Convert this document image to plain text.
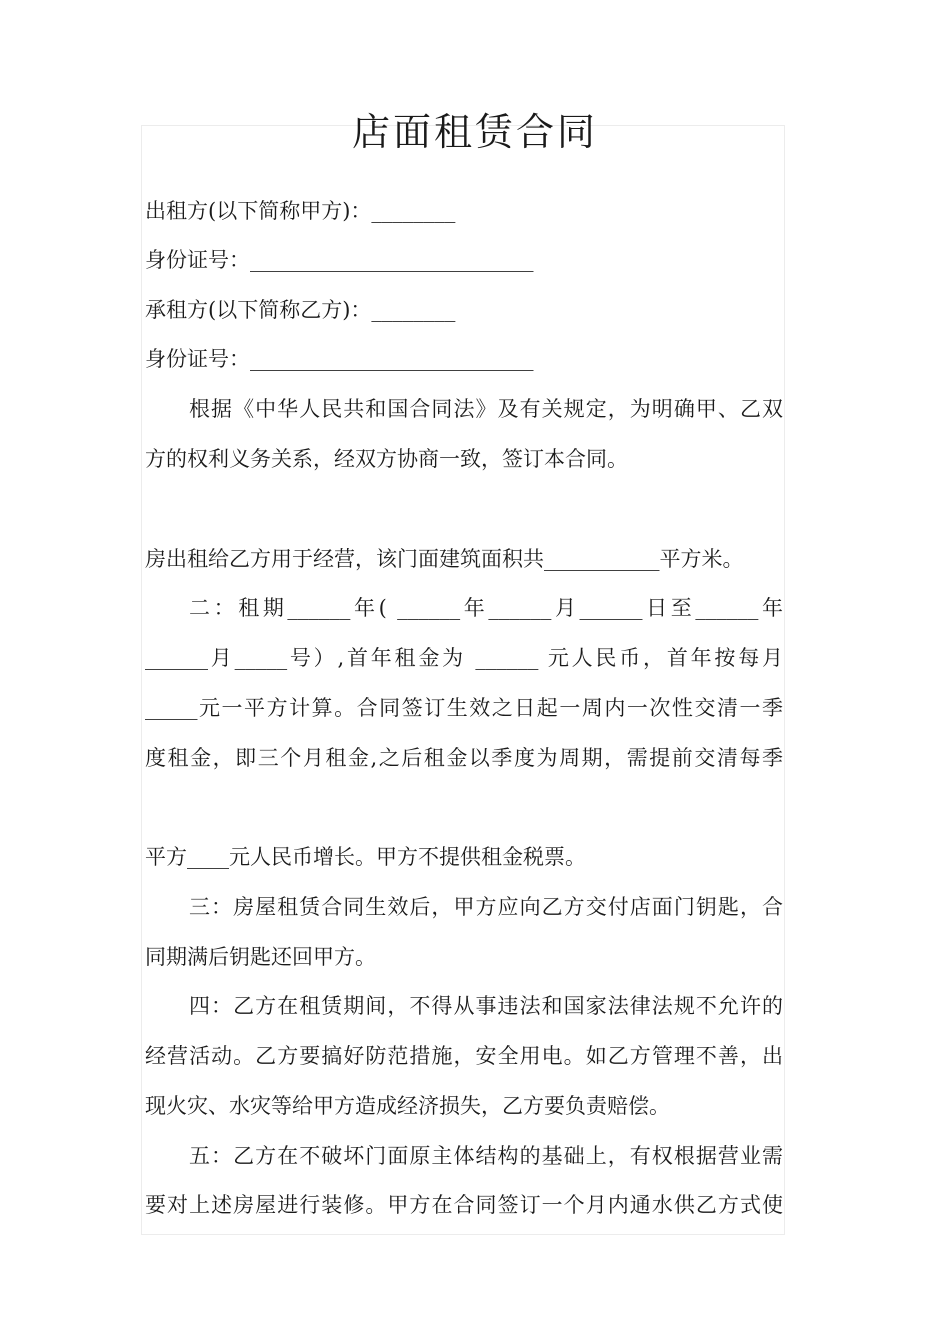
店面租赁合同
出租方(以下简称甲方)：________
身份证号：___________________________
承租方(以下简称乙方)：________
身份证号：___________________________
根据《中华人民共和国合同法》及有关规定，为明确甲、乙双
方的权利义务关系，经双方协商一致，签订本合同。

房出租给乙方用于经营，该门面建筑面积共___________平方米。
二：租期______年( ______年______月______日至______年
______月_____号）,首年租金为 ______ 元人民币，首年按每月
_____元一平方计算。合同签订生效之日起一周内一次性交清一季
度租金，即三个月租金,之后租金以季度为周期，需提前交清每季

平方____元人民币增长。甲方不提供租金税票。
三：房屋租赁合同生效后，甲方应向乙方交付店面门钥匙，合
同期满后钥匙还回甲方。
四：乙方在租赁期间，不得从事违法和国家法律法规不允许的
经营活动。乙方要搞好防范措施，安全用电。如乙方管理不善，出
现火灾、水灾等给甲方造成经济损失，乙方要负责赔偿。
五：乙方在不破坏门面原主体结构的基础上，有权根据营业需
要对上述房屋进行装修。甲方在合同签订一个月内通水供乙方式使
